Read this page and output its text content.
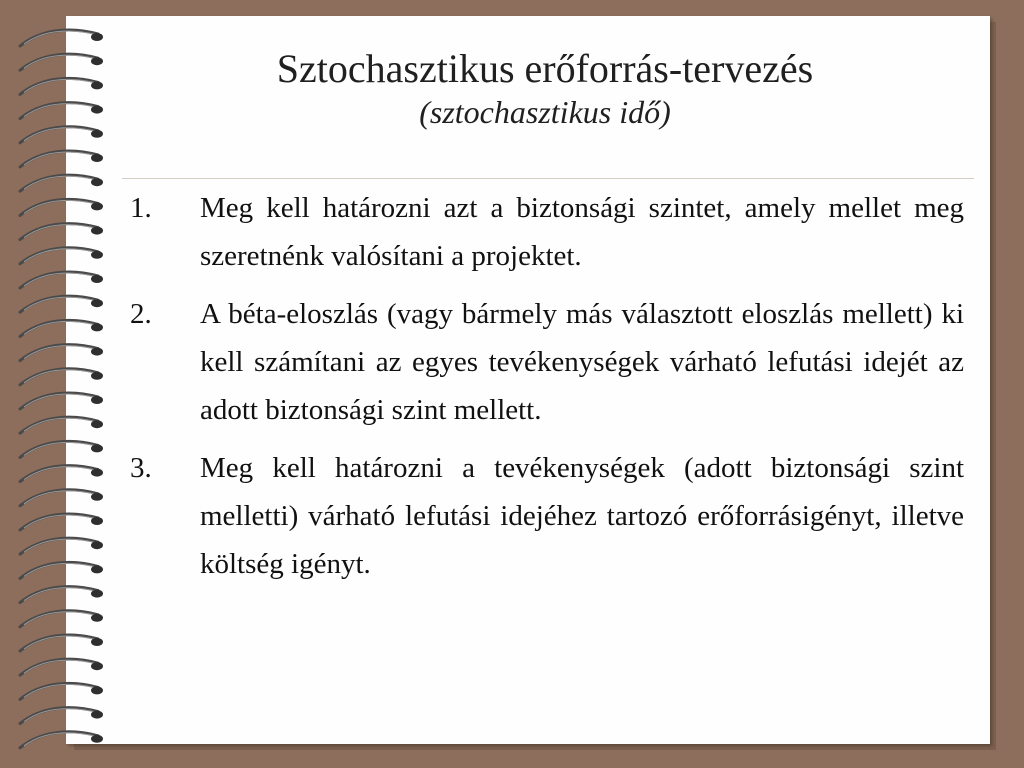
Sztochasztikus erőforrás-tervezés

(sztochasztikus idő)

1. Meg kell határozni azt a biztonsági szintet, amely mellet meg szeretnénk valósítani a projektet.
2. A béta-eloszlás (vagy bármely más választott eloszlás mellett) ki kell számítani az egyes tevékenységek várható lefutási idejét az adott biztonsági szint mellett.
3. Meg kell határozni a tevékenységek (adott biztonsági szint melletti) várható lefutási idejéhez tartozó erőforrásigényt, illetve költség igényt.
